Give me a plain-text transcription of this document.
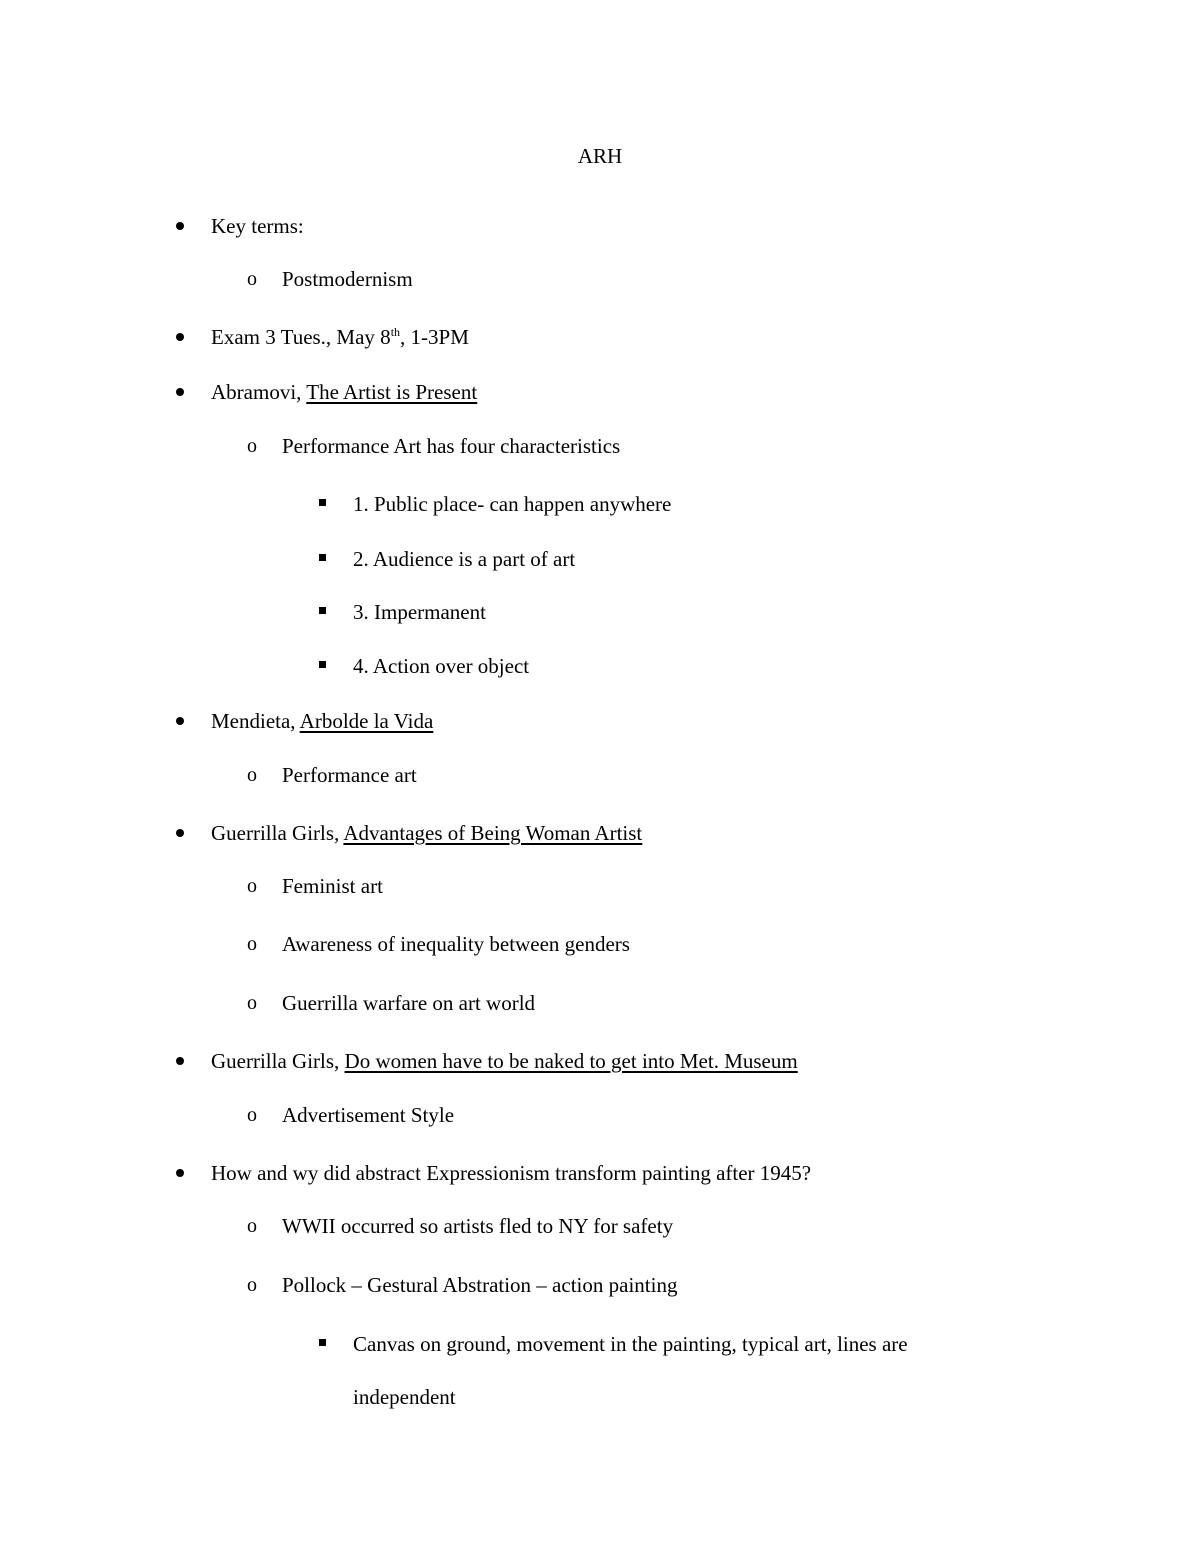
ARH
Key terms:
o Postmodernism
Exam 3 Tues., May 8th, 1-3PM
Abramovi, The Artist is Present
o Performance Art has four characteristics
1. Public place- can happen anywhere
2. Audience is a part of art
3. Impermanent
4. Action over object
Mendieta, Arbolde la Vida
o Performance art
Guerrilla Girls, Advantages of Being Woman Artist
o Feminist art
o Awareness of inequality between genders
o Guerrilla warfare on art world
Guerrilla Girls, Do women have to be naked to get into Met. Museum
o Advertisement Style
How and wy did abstract Expressionism transform painting after 1945?
o WWII occurred so artists fled to NY for safety
o Pollock – Gestural Abstration – action painting
Canvas on ground, movement in the painting, typical art, lines are
independent
